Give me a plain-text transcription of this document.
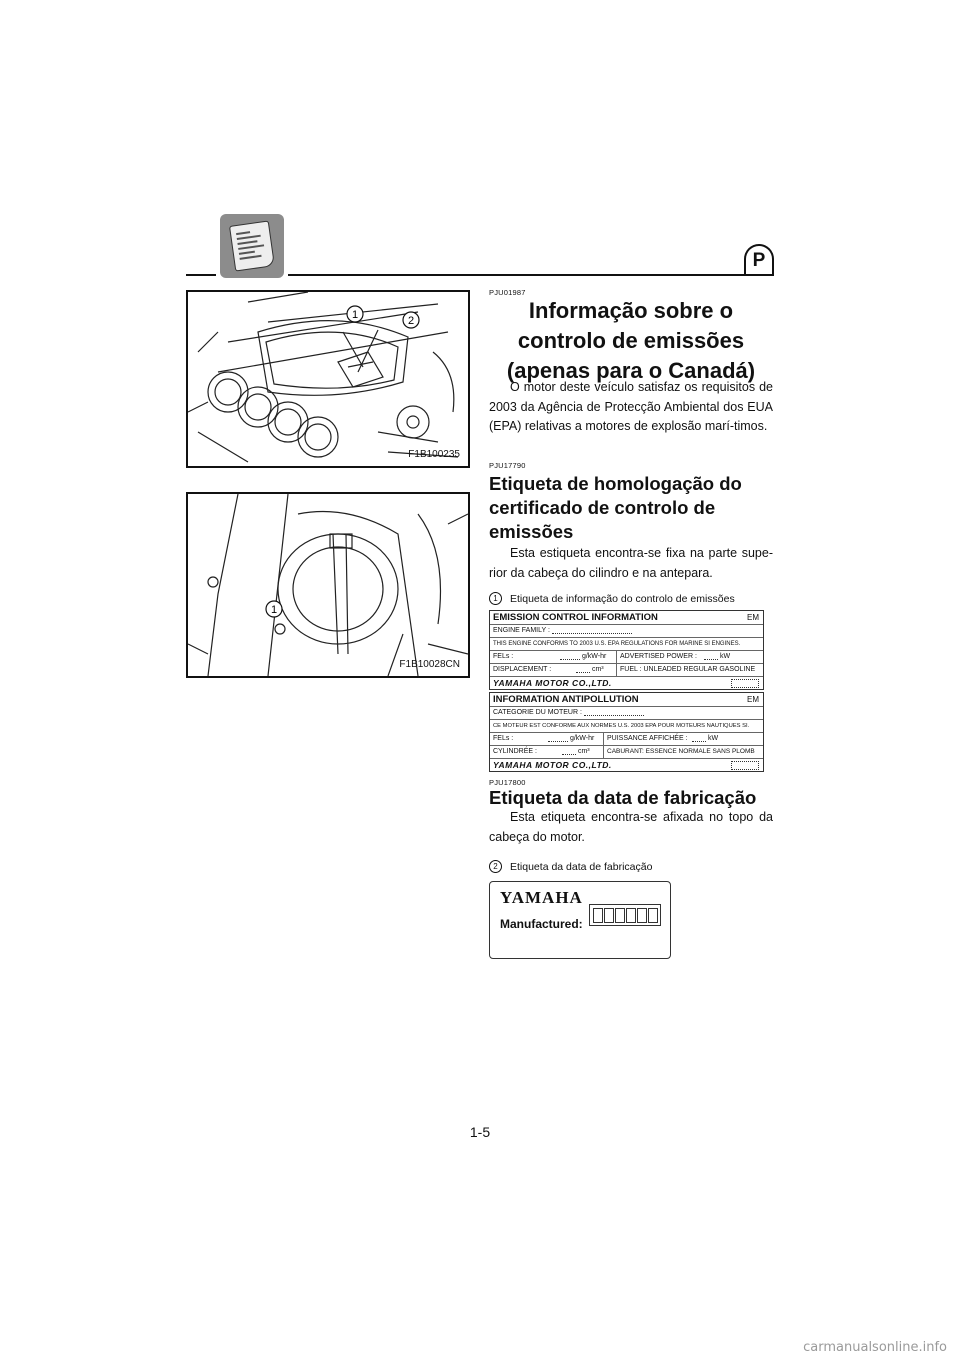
P
1	2
F1B100235
1
F1B10028CN
PJU01987
Informação sobre o controlo de emissões (apenas para o Canadá)
O motor deste veículo satisfaz os requisitos de 2003 da Agência de Protecção Ambiental dos EUA (EPA) relativas a motores de explosão marí-timos.
PJU17790
Etiqueta de homologação do certificado de controlo de emissões
Esta estiqueta encontra-se fixa na parte supe-rior da cabeça do cilindro e na antepara.
1	Etiqueta de informação do controlo de emissões
EMISSION CONTROL INFORMATION	EM
ENGINE FAMILY :
THIS ENGINE CONFORMS TO 2003 U.S. EPA REGULATIONS FOR MARINE SI ENGINES.
FELs :	g/kW-hr ADVERTISED POWER :	kW
DISPLACEMENT :	cm³ FUEL : UNLEADED REGULAR GASOLINE
YAMAHA MOTOR CO.,LTD.
INFORMATION ANTIPOLLUTION	EM
CATEGORIE DU MOTEUR :
CE MOTEUR EST CONFORME AUX NORMES U.S. 2003 EPA POUR MOTEURS NAUTIQUES SI.
FELs :	g/kW-hr PUISSANCE AFFICHÉE :	kW
CYLINDRÉE :	cm³	CABURANT: ESSENCE NORMALE SANS PLOMB
YAMAHA MOTOR CO.,LTD.
PJU17800
Etiqueta da data de fabricação
Esta etiqueta encontra-se afixada no topo da cabeça do motor.
2	Etiqueta da data de fabricação
YAMAHA
Manufactured:
1-5
carmanualsonline.info
